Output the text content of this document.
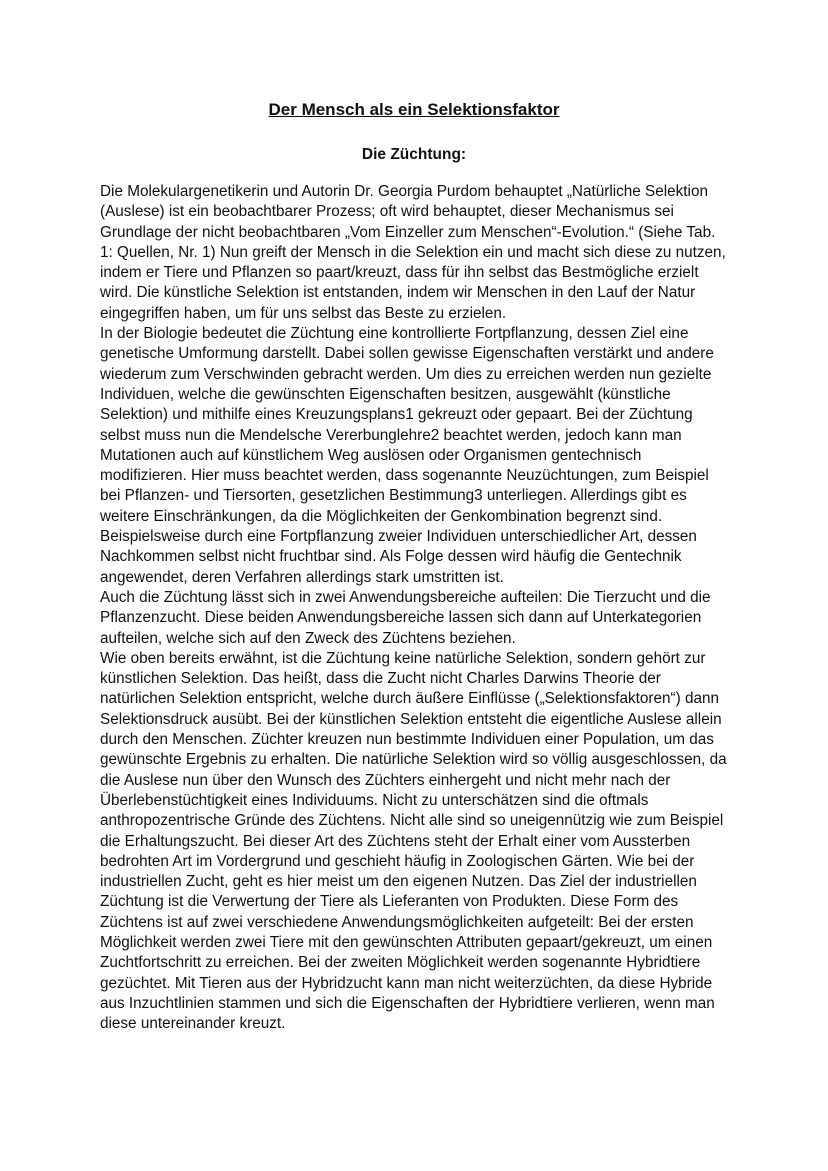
Der Mensch als ein Selektionsfaktor
Die Züchtung:
Die Molekulargenetikerin und Autorin Dr. Georgia Purdom behauptet „Natürliche Selektion
(Auslese) ist ein beobachtbarer Prozess; oft wird behauptet, dieser Mechanismus sei
Grundlage der nicht beobachtbaren „Vom Einzeller zum Menschen“-Evolution.“ (Siehe Tab.
1: Quellen, Nr. 1) Nun greift der Mensch in die Selektion ein und macht sich diese zu nutzen,
indem er Tiere und Pflanzen so paart/kreuzt, dass für ihn selbst das Bestmögliche erzielt
wird. Die künstliche Selektion ist entstanden, indem wir Menschen in den Lauf der Natur
eingegriffen haben, um für uns selbst das Beste zu erzielen.
In der Biologie bedeutet die Züchtung eine kontrollierte Fortpflanzung, dessen Ziel eine
genetische Umformung darstellt. Dabei sollen gewisse Eigenschaften verstärkt und andere
wiederum zum Verschwinden gebracht werden. Um dies zu erreichen werden nun gezielte
Individuen, welche die gewünschten Eigenschaften besitzen, ausgewählt (künstliche
Selektion) und mithilfe eines Kreuzungsplans1 gekreuzt oder gepaart. Bei der Züchtung
selbst muss nun die Mendelsche Vererbunglehre2 beachtet werden, jedoch kann man
Mutationen auch auf künstlichem Weg auslösen oder Organismen gentechnisch
modifizieren. Hier muss beachtet werden, dass sogenannte Neuzüchtungen, zum Beispiel
bei Pflanzen- und Tiersorten, gesetzlichen Bestimmung3 unterliegen. Allerdings gibt es
weitere Einschränkungen, da die Möglichkeiten der Genkombination begrenzt sind.
Beispielsweise durch eine Fortpflanzung zweier Individuen unterschiedlicher Art, dessen
Nachkommen selbst nicht fruchtbar sind. Als Folge dessen wird häufig die Gentechnik
angewendet, deren Verfahren allerdings stark umstritten ist.
Auch die Züchtung lässt sich in zwei Anwendungsbereiche aufteilen: Die Tierzucht und die
Pflanzenzucht. Diese beiden Anwendungsbereiche lassen sich dann auf Unterkategorien
aufteilen, welche sich auf den Zweck des Züchtens beziehen.
Wie oben bereits erwähnt, ist die Züchtung keine natürliche Selektion, sondern gehört zur
künstlichen Selektion. Das heißt, dass die Zucht nicht Charles Darwins Theorie der
natürlichen Selektion entspricht, welche durch äußere Einflüsse („Selektionsfaktoren“) dann
Selektionsdruck ausübt. Bei der künstlichen Selektion entsteht die eigentliche Auslese allein
durch den Menschen. Züchter kreuzen nun bestimmte Individuen einer Population, um das
gewünschte Ergebnis zu erhalten. Die natürliche Selektion wird so völlig ausgeschlossen, da
die Auslese nun über den Wunsch des Züchters einhergeht und nicht mehr nach der
Überlebenstüchtigkeit eines Individuums. Nicht zu unterschätzen sind die oftmals
anthropozentrische Gründe des Züchtens. Nicht alle sind so uneigennützig wie zum Beispiel
die Erhaltungszucht. Bei dieser Art des Züchtens steht der Erhalt einer vom Aussterben
bedrohten Art im Vordergrund und geschieht häufig in Zoologischen Gärten. Wie bei der
industriellen Zucht, geht es hier meist um den eigenen Nutzen. Das Ziel der industriellen
Züchtung ist die Verwertung der Tiere als Lieferanten von Produkten. Diese Form des
Züchtens ist auf zwei verschiedene Anwendungsmöglichkeiten aufgeteilt: Bei der ersten
Möglichkeit werden zwei Tiere mit den gewünschten Attributen gepaart/gekreuzt, um einen
Zuchtfortschritt zu erreichen. Bei der zweiten Möglichkeit werden sogenannte Hybridtiere
gezüchtet. Mit Tieren aus der Hybridzucht kann man nicht weiterzüchten, da diese Hybride
aus Inzuchtlinien stammen und sich die Eigenschaften der Hybridtiere verlieren, wenn man
diese untereinander kreuzt.
